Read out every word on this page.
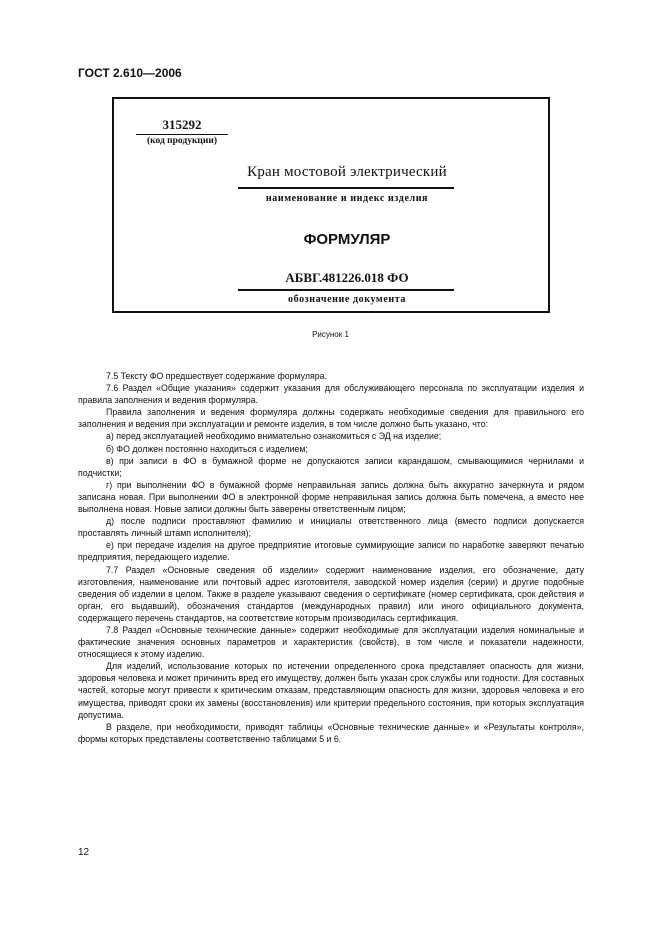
ГОСТ 2.610—2006
315292
(код продукции)
Кран мостовой электрический
наименование и индекс изделия
ФОРМУЛЯР
АБВГ.481226.018 ФО
обозначение документа
Рисунок 1

7.5 Тексту ФО предшествует содержание формуляра.

7.6 Раздел «Общие указания» содержит указания для обслуживающего персонала по эксплуатации изделия и правила заполнения и ведения формуляра.

Правила заполнения и ведения формуляра должны содержать необходимые сведения для правильного его заполнения и ведения при эксплуатации и ремонте изделия, в том числе должно быть указано, что:

а) перед эксплуатацией необходимо внимательно ознакомиться с ЭД на изделие;

б) ФО должен постоянно находиться с изделием;

в) при записи в ФО в бумажной форме не допускаются записи карандашом, смывающимися чернилами и подчистки;

г) при выполнении ФО в бумажной форме неправильная запись должна быть аккуратно зачеркнута и рядом записана новая. При выполнении ФО в электронной форме неправильная запись должна быть помечена, а вместо нее выполнена новая. Новые записи должны быть заверены ответственным лицом;

д) после подписи проставляют фамилию и инициалы ответственного лица (вместо подписи допускается проставлять личный штамп исполнителя);

е) при передаче изделия на другое предприятие итоговые суммирующие записи по наработке заверяют печатью предприятия, передающего изделие.

7.7 Раздел «Основные сведения об изделии» содержит наименование изделия, его обозначение, дату изготовления, наименование или почтовый адрес изготовителя, заводской номер изделия (серии) и другие подобные сведения об изделии в целом. Также в разделе указывают сведения о сертификате (номер сертификата, срок действия и орган, его выдавший), обозначения стандартов (международных правил) или иного официального документа, содержащего перечень стандартов, на соответствие которым производилась сертификация.

7.8 Раздел «Основные технические данные» содержит необходимые для эксплуатации изделия номинальные и фактические значения основных параметров и характеристик (свойств), в том числе и показатели надежности, относящиеся к этому изделию.

Для изделий, использование которых по истечении определенного срока представляет опасность для жизни, здоровья человека и может причинить вред его имуществу, должен быть указан срок службы или годности. Для составных частей, которые могут привести к критическим отказам, представляющим опасность для жизни, здоровья человека и его имущества, приводят сроки их замены (восстановления) или критерии предельного состояния, при которых эксплуатация допустима.

В разделе, при необходимости, приводят таблицы «Основные технические данные» и «Результаты контроля», формы которых представлены соответственно таблицами 5 и 6.

12
